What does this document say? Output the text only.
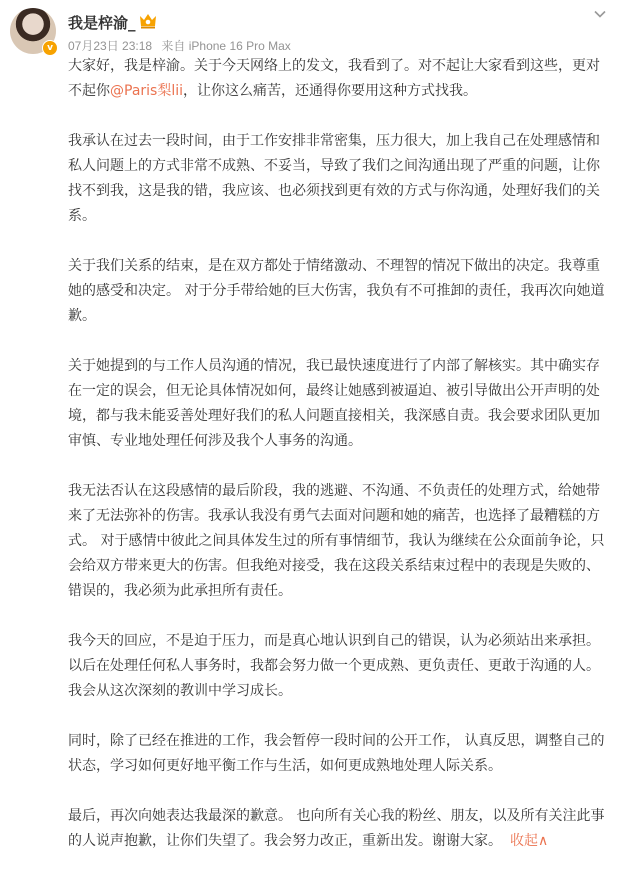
v
我是梓渝_
07月23日 23:18 来自 iPhone 16 Pro Max

大家好，我是梓渝。关于今天网络上的发文，我看到了。对不起让大家看到这些，更对不起你@Paris梨lii，让你这么痛苦，还通得你要用这种方式找我。

我承认在过去一段时间，由于工作安排非常密集，压力很大，加上我自己在处理感情和私人问题上的方式非常不成熟、不妥当，导致了我们之间沟通出现了严重的问题，让你找不到我，这是我的错，我应该、也必须找到更有效的方式与你沟通，处理好我们的关系。

关于我们关系的结束，是在双方都处于情绪激动、不理智的情况下做出的决定。我尊重她的感受和决定。 对于分手带给她的巨大伤害，我负有不可推卸的责任，我再次向她道歉。

关于她提到的与工作人员沟通的情况，我已最快速度进行了内部了解核实。其中确实存在一定的误会，但无论具体情况如何，最终让她感到被逼迫、被引导做出公开声明的处境，都与我未能妥善处理好我们的私人问题直接相关，我深感自责。我会要求团队更加审慎、专业地处理任何涉及我个人事务的沟通。

我无法否认在这段感情的最后阶段，我的逃避、不沟通、不负责任的处理方式，给她带来了无法弥补的伤害。我承认我没有勇气去面对问题和她的痛苦，也选择了最糟糕的方式。 对于感情中彼此之间具体发生过的所有事情细节，我认为继续在公众面前争论，只会给双方带来更大的伤害。但我绝对接受，我在这段关系结束过程中的表现是失败的、错误的，我必须为此承担所有责任。

我今天的回应，不是迫于压力，而是真心地认识到自己的错误，认为必须站出来承担。以后在处理任何私人事务时，我都会努力做一个更成熟、更负责任、更敢于沟通的人。我会从这次深刻的教训中学习成长。

同时，除了已经在推进的工作，我会暂停一段时间的公开工作， 认真反思，调整自己的状态，学习如何更好地平衡工作与生活，如何更成熟地处理人际关系。

最后，再次向她表达我最深的歉意。 也向所有关心我的粉丝、朋友，以及所有关注此事的人说声抱歉，让你们失望了。我会努力改正，重新出发。谢谢大家。 收起∧
